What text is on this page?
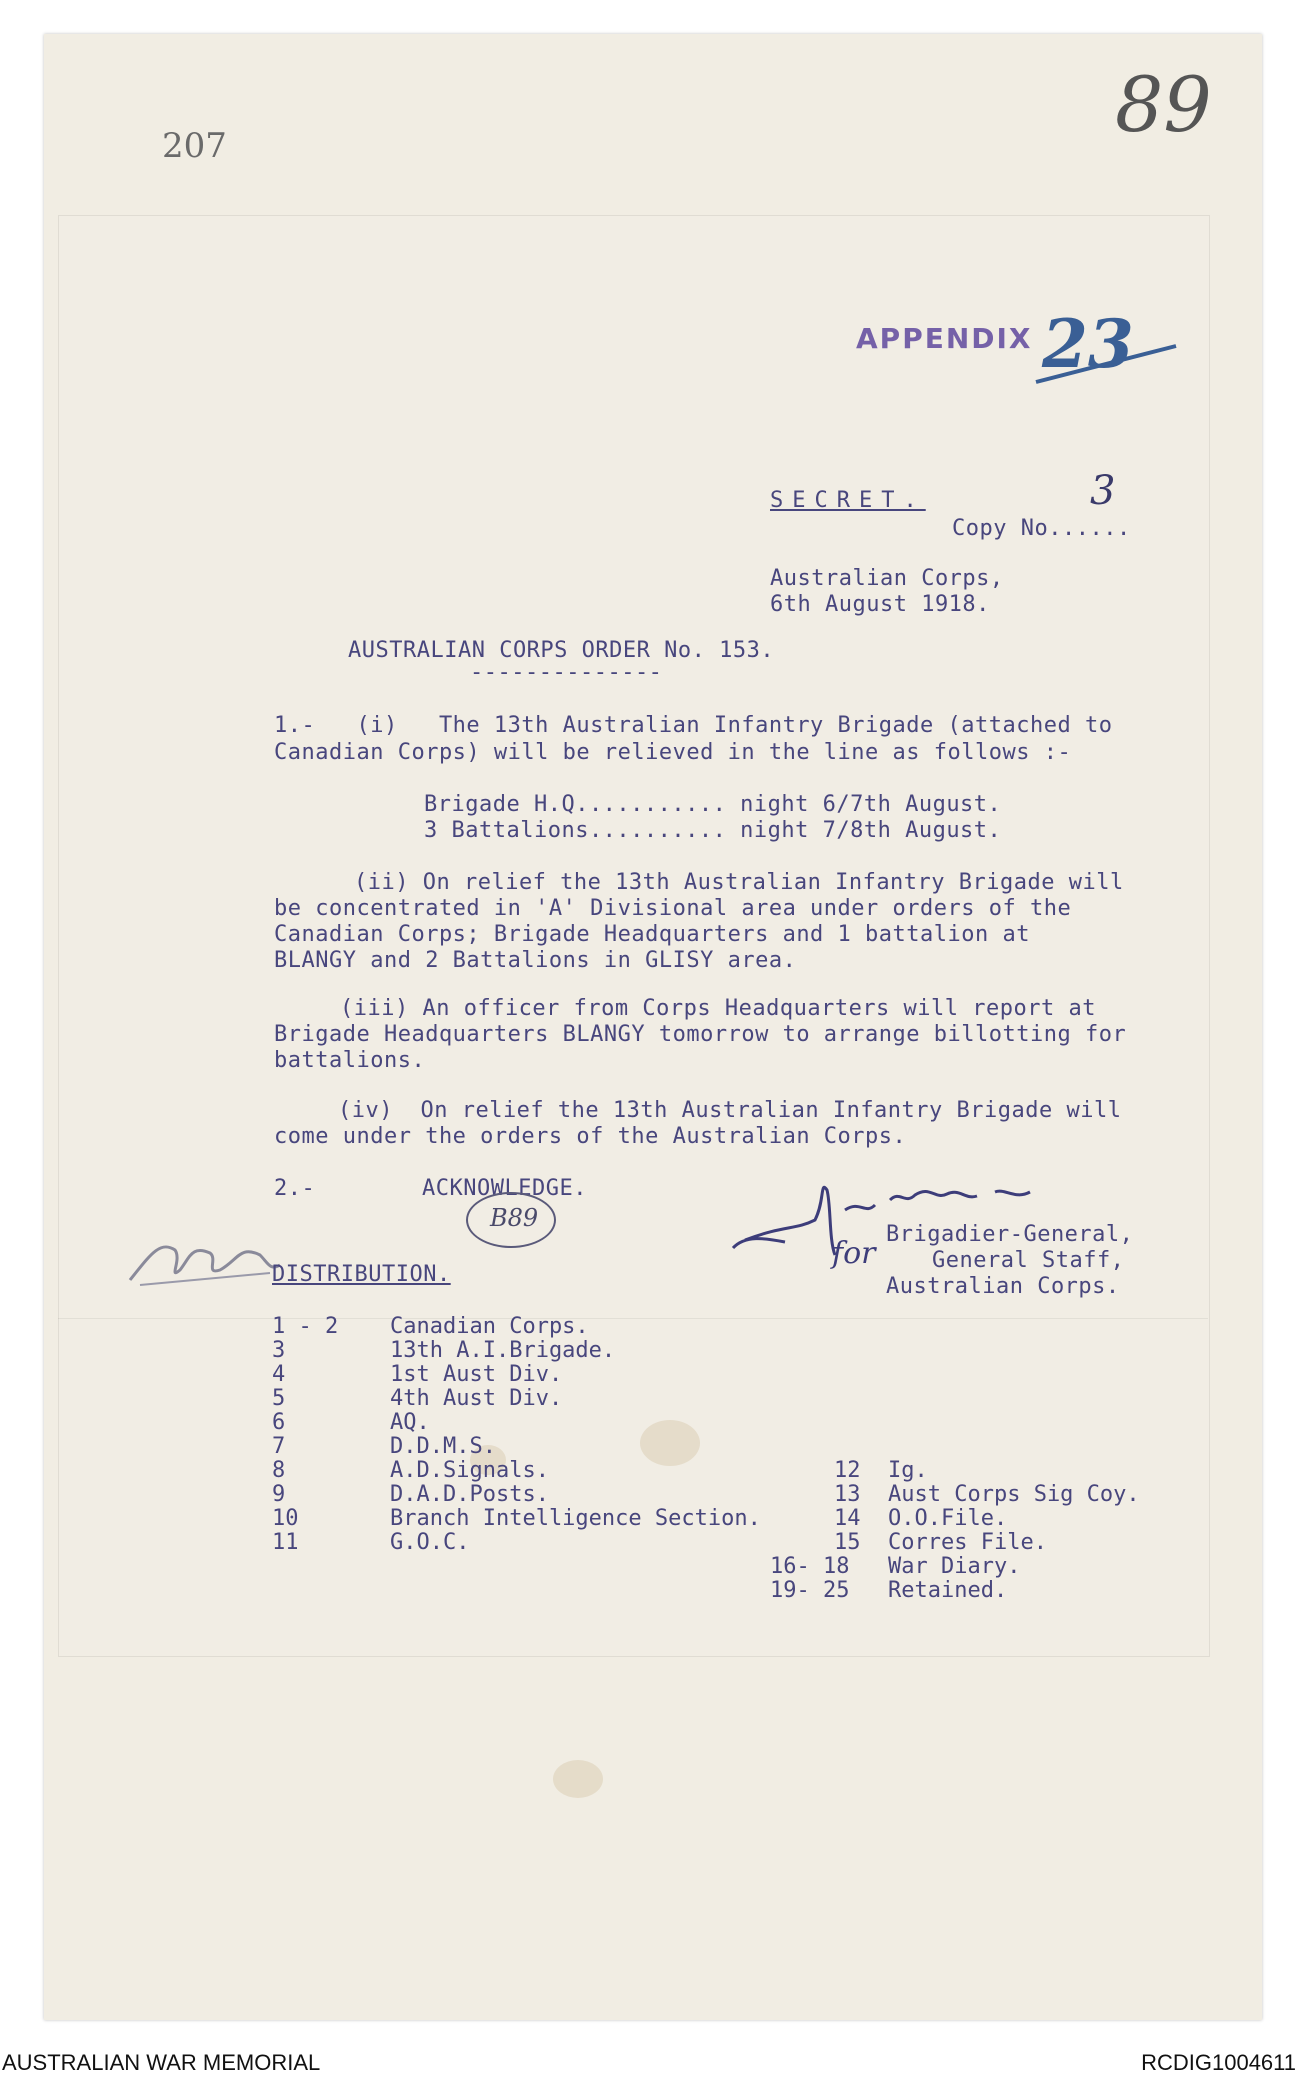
207	89
APPENDIX 23
SECRET.	3
Copy No......
Australian Corps,
6th August 1918.
AUSTRALIAN CORPS ORDER No. 153.
--------------
1.-   (i)   The 13th Australian Infantry Brigade (attached to
Canadian Corps) will be relieved in the line as follows :-
Brigade H.Q........... night 6/7th August.
3 Battalions.......... night 7/8th August.
(ii) On relief the 13th Australian Infantry Brigade will
be concentrated in 'A' Divisional area under orders of the
Canadian Corps; Brigade Headquarters and 1 battalion at
BLANGY and 2 Battalions in GLISY area.
(iii) An officer from Corps Headquarters will report at
Brigade Headquarters BLANGY tomorrow to arrange billotting for
battalions.
(iv)  On relief the 13th Australian Infantry Brigade will
come under the orders of the Australian Corps.
2.-	ACKNOWLEDGE.
B89
for
Brigadier-General,
General Staff,
Australian Corps.
DISTRIBUTION.
1 - 2 Canadian Corps.
3	13th A.I.Brigade.
4	1st Aust Div.
5	4th Aust Div.
6	AQ.
7	D.D.M.S.
8	A.D.Signals.
9	D.A.D.Posts.
10	Branch Intelligence Section.
11	G.O.C.
12 Ig.
13 Aust Corps Sig Coy.
14 O.O.File.
15 Corres File.
16- 18 War Diary.
19- 25 Retained.
AUSTRALIAN WAR MEMORIAL	RCDIG1004611
